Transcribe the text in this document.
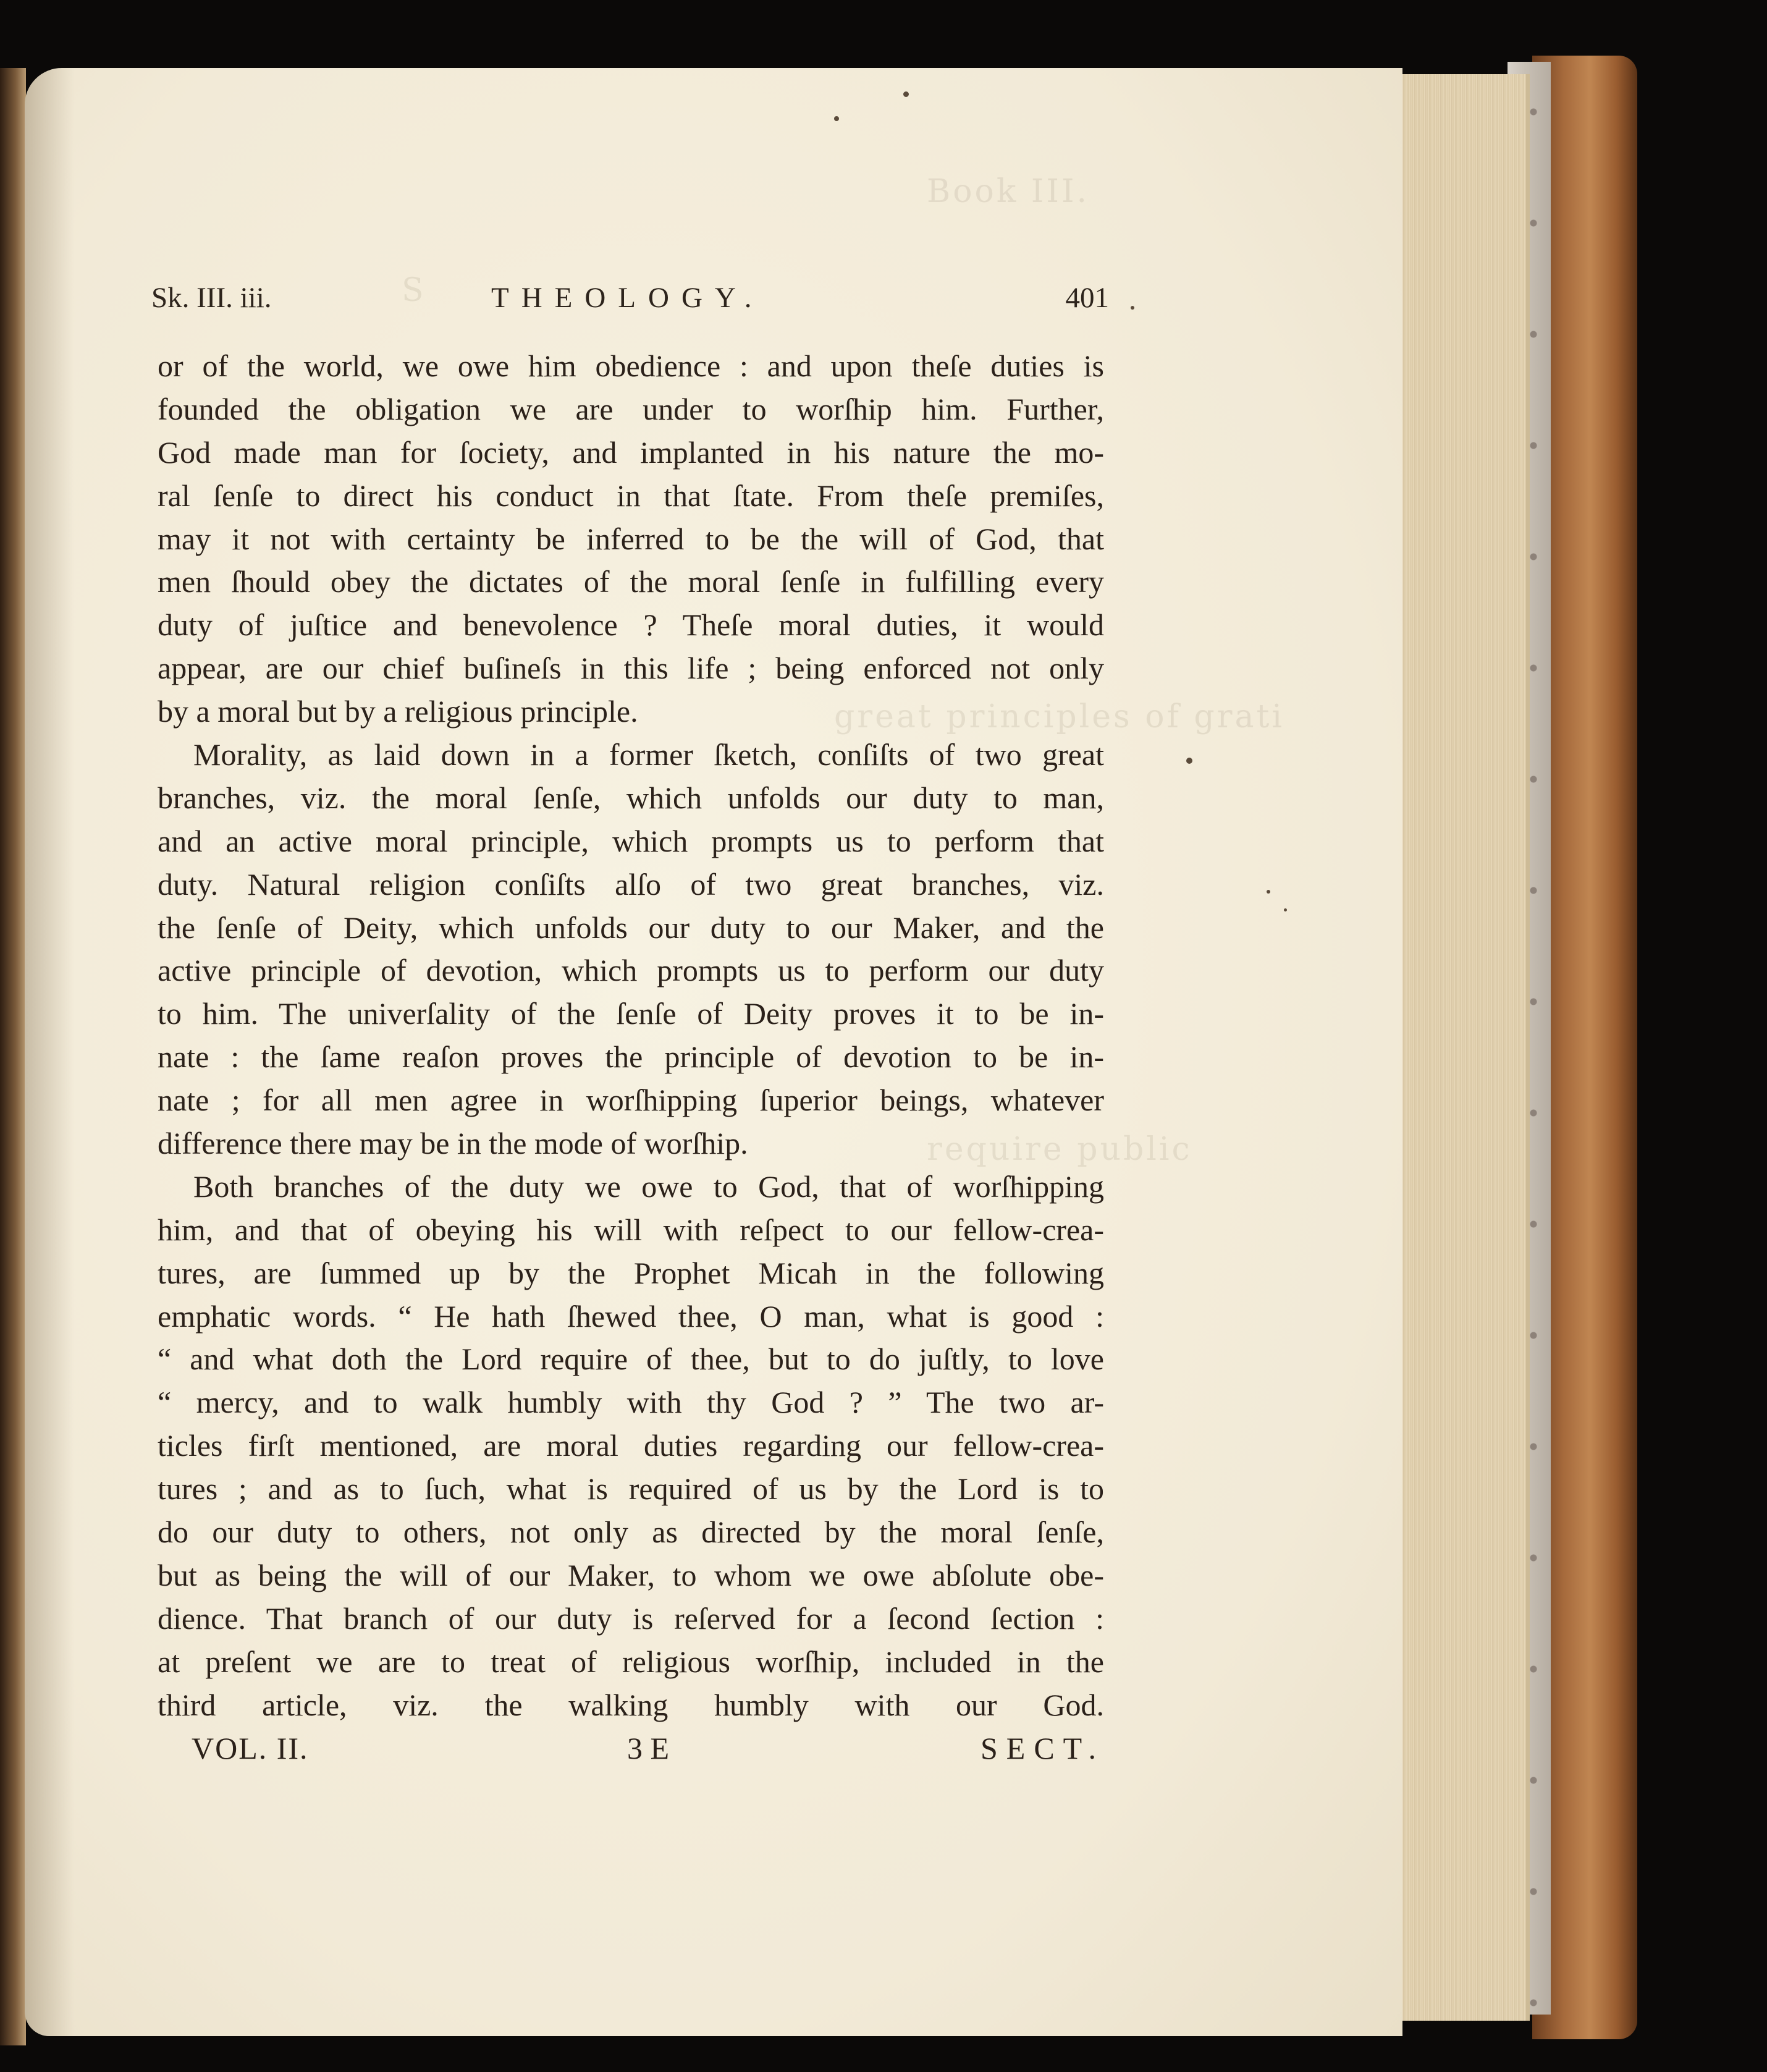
Book III.
S
great principles of grati
require public
Sk. III. iii.	THEOLOGY.	401
or of the world, we owe him obedience : and upon theſe duties is
founded the obligation we are under to worſhip him. Further,
God made man for ſociety, and implanted in his nature the mo-
ral ſenſe to direct his conduct in that ſtate. From theſe premiſes,
may it not with certainty be inferred to be the will of God, that
men ſhould obey the dictates of the moral ſenſe in fulfilling every
duty of juſtice and benevolence ? Theſe moral duties, it would
appear, are our chief buſineſs in this life ; being enforced not only
by a moral but by a religious principle.
Morality, as laid down in a former ſketch, conſiſts of two great
branches, viz. the moral ſenſe, which unfolds our duty to man,
and an active moral principle, which prompts us to perform that
duty. Natural religion conſiſts alſo of two great branches, viz.
the ſenſe of Deity, which unfolds our duty to our Maker, and the
active principle of devotion, which prompts us to perform our duty
to him. The univerſality of the ſenſe of Deity proves it to be in-
nate : the ſame reaſon proves the principle of devotion to be in-
nate ; for all men agree in worſhipping ſuperior beings, whatever
difference there may be in the mode of worſhip.
Both branches of the duty we owe to God, that of worſhipping
him, and that of obeying his will with reſpect to our fellow-crea-
tures, are ſummed up by the Prophet Micah in the following
emphatic words. “ He hath ſhewed thee, O man, what is good :
“ and what doth the Lord require of thee, but to do juſtly, to love
“ mercy, and to walk humbly with thy God ? ” The two ar-
ticles firſt mentioned, are moral duties regarding our fellow-crea-
tures ; and as to ſuch, what is required of us by the Lord is to
do our duty to others, not only as directed by the moral ſenſe,
but as being the will of our Maker, to whom we owe abſolute obe-
dience. That branch of our duty is reſerved for a ſecond ſection :
at preſent we are to treat of religious worſhip, included in the
third article, viz. the walking humbly with our God.
VOL. II.	3 E	SECT.
